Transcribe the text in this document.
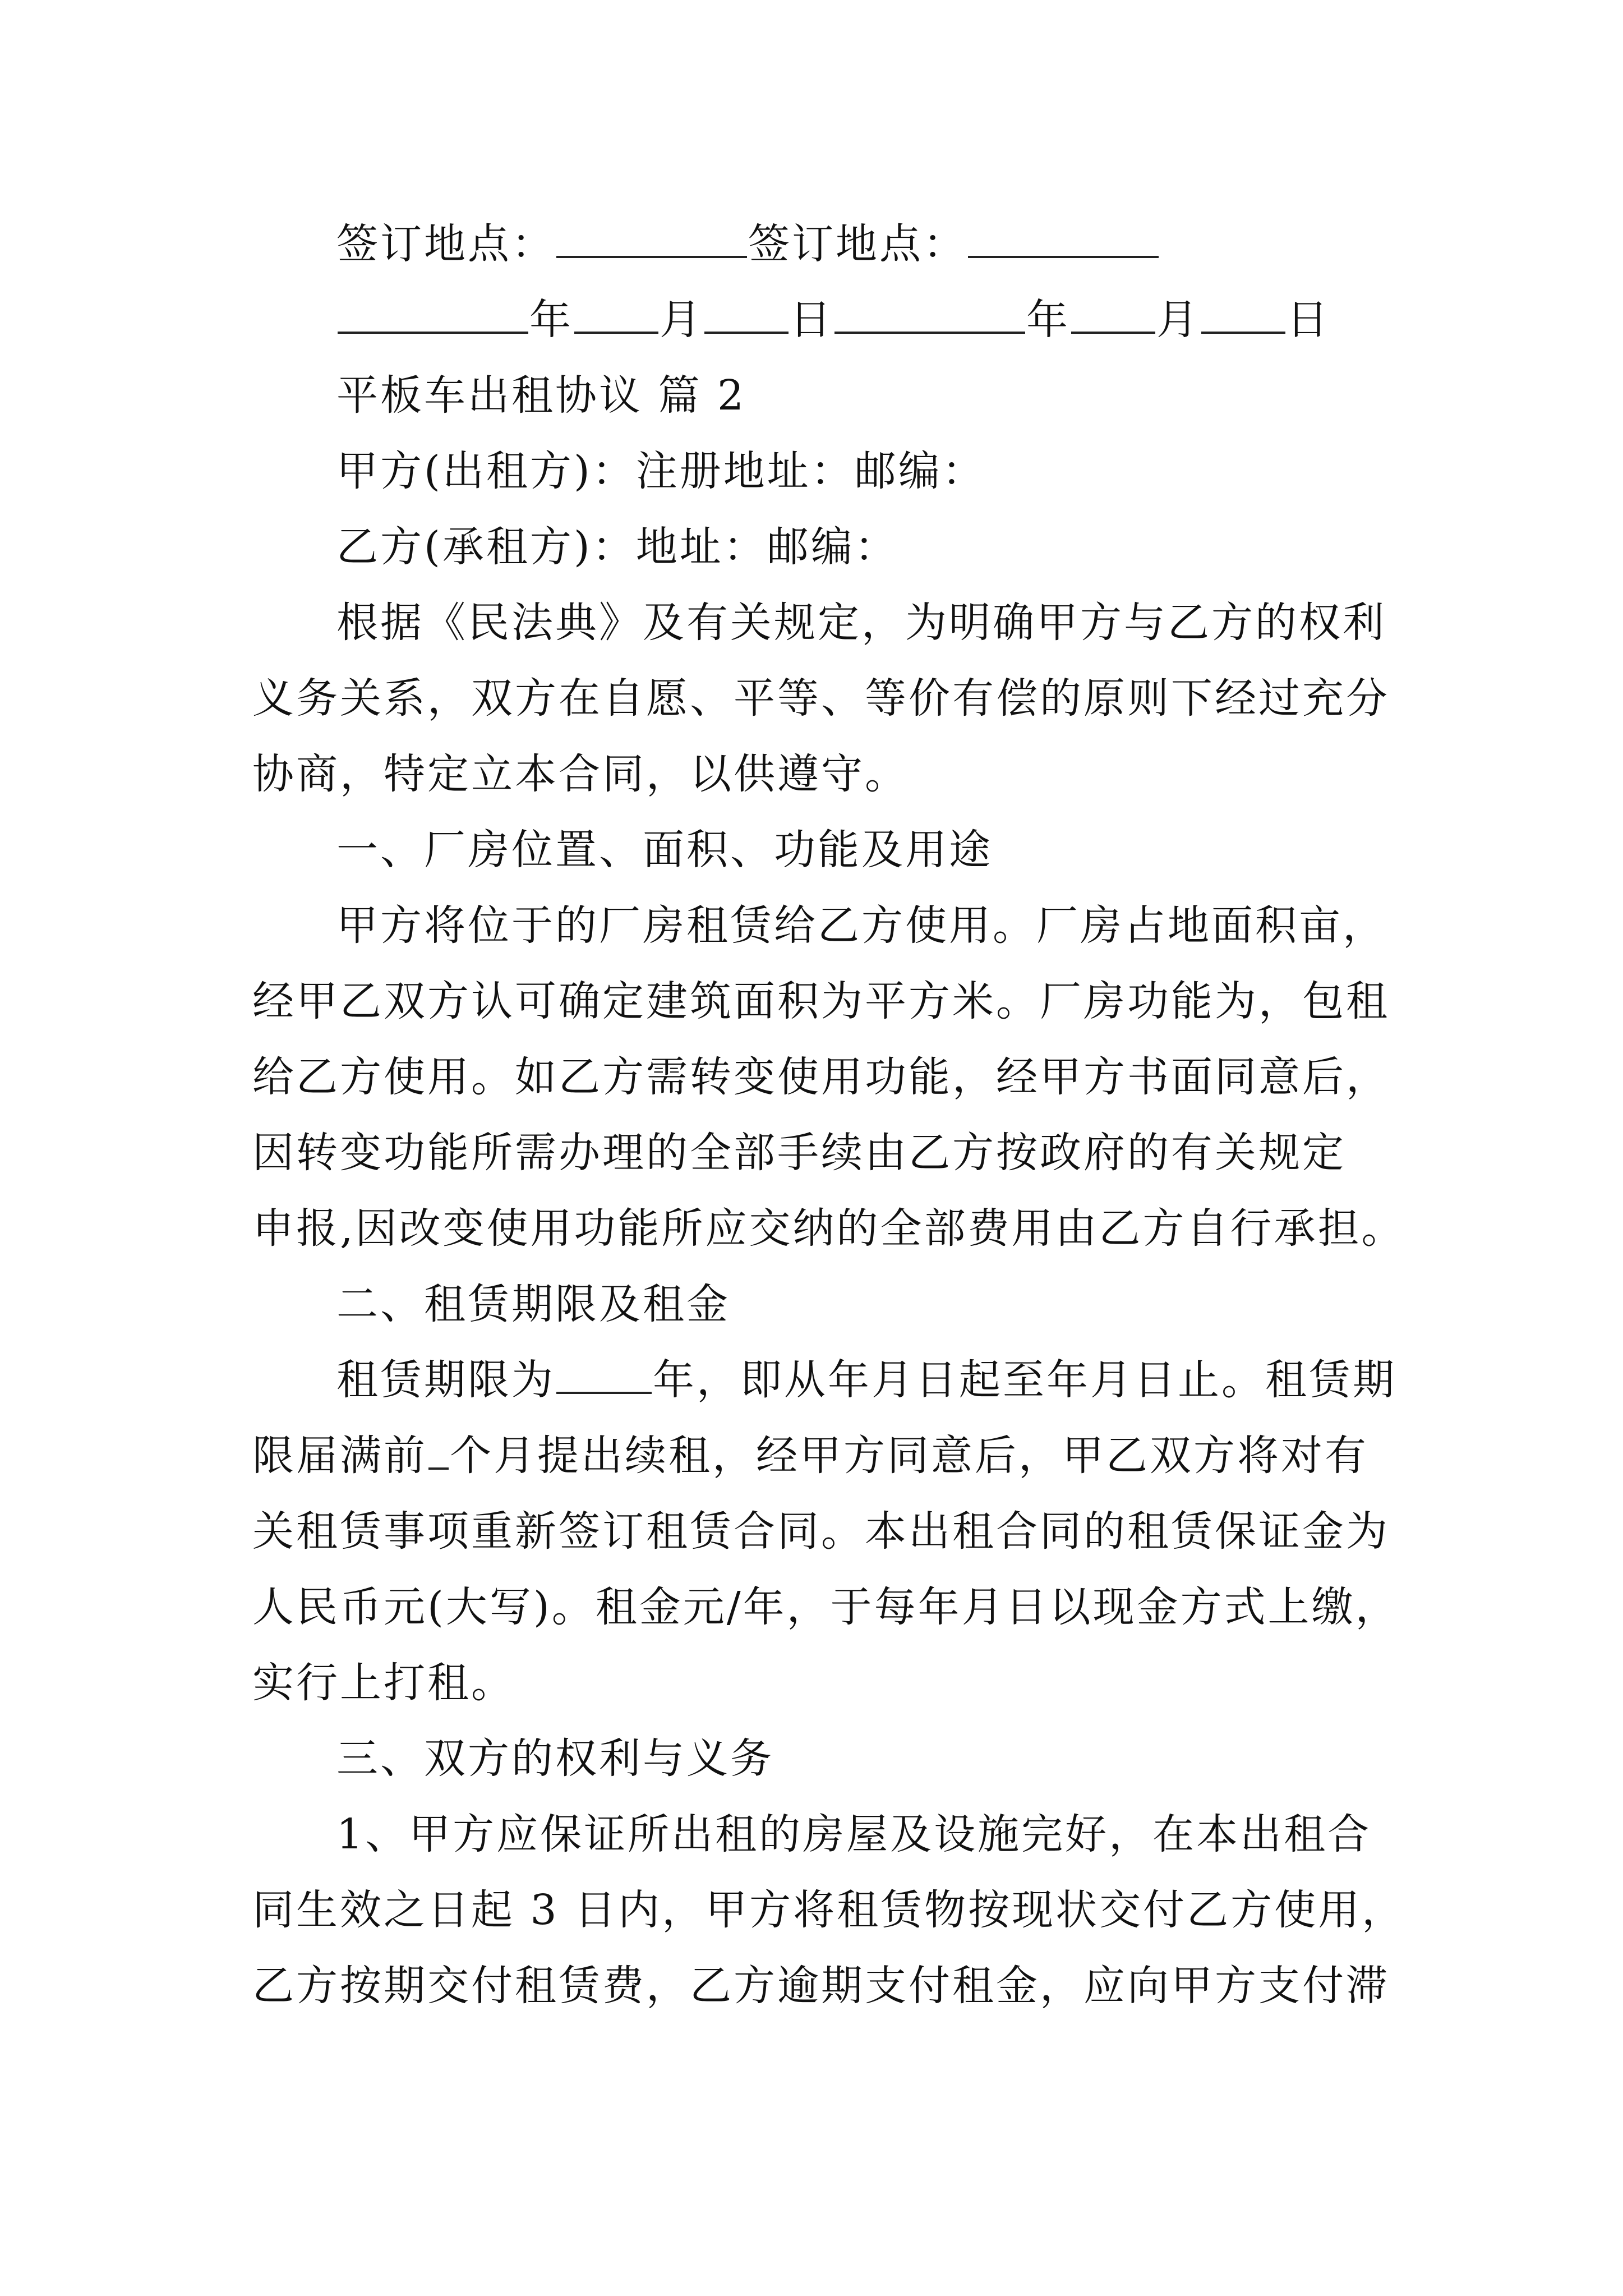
签订地点：	签订地点：
年 月 日	年 月 日
平板车出租协议 篇 2
甲方(出租方)：注册地址：邮编：
乙方(承租方)：地址：邮编：
根据《民法典》及有关规定，为明确甲方与乙方的权利
义务关系，双方在自愿、平等、等价有偿的原则下经过充分
协商，特定立本合同，以供遵守。
一、厂房位置、面积、功能及用途
甲方将位于的厂房租赁给乙方使用。厂房占地面积亩，
经甲乙双方认可确定建筑面积为平方米。厂房功能为，包租
给乙方使用。如乙方需转变使用功能，经甲方书面同意后，
因转变功能所需办理的全部手续由乙方按政府的有关规定
申报,因改变使用功能所应交纳的全部费用由乙方自行承担。
二、租赁期限及租金
租赁期限为 年，即从年月日起至年月日止。租赁期
限届满前 个月提出续租，经甲方同意后，甲乙双方将对有
关租赁事项重新签订租赁合同。本出租合同的租赁保证金为
人民币元(大写)。租金元/年，于每年月日以现金方式上缴，
实行上打租。
三、双方的权利与义务
1、甲方应保证所出租的房屋及设施完好，在本出租合
同生效之日起 3 日内，甲方将租赁物按现状交付乙方使用，
乙方按期交付租赁费，乙方逾期支付租金，应向甲方支付滞
